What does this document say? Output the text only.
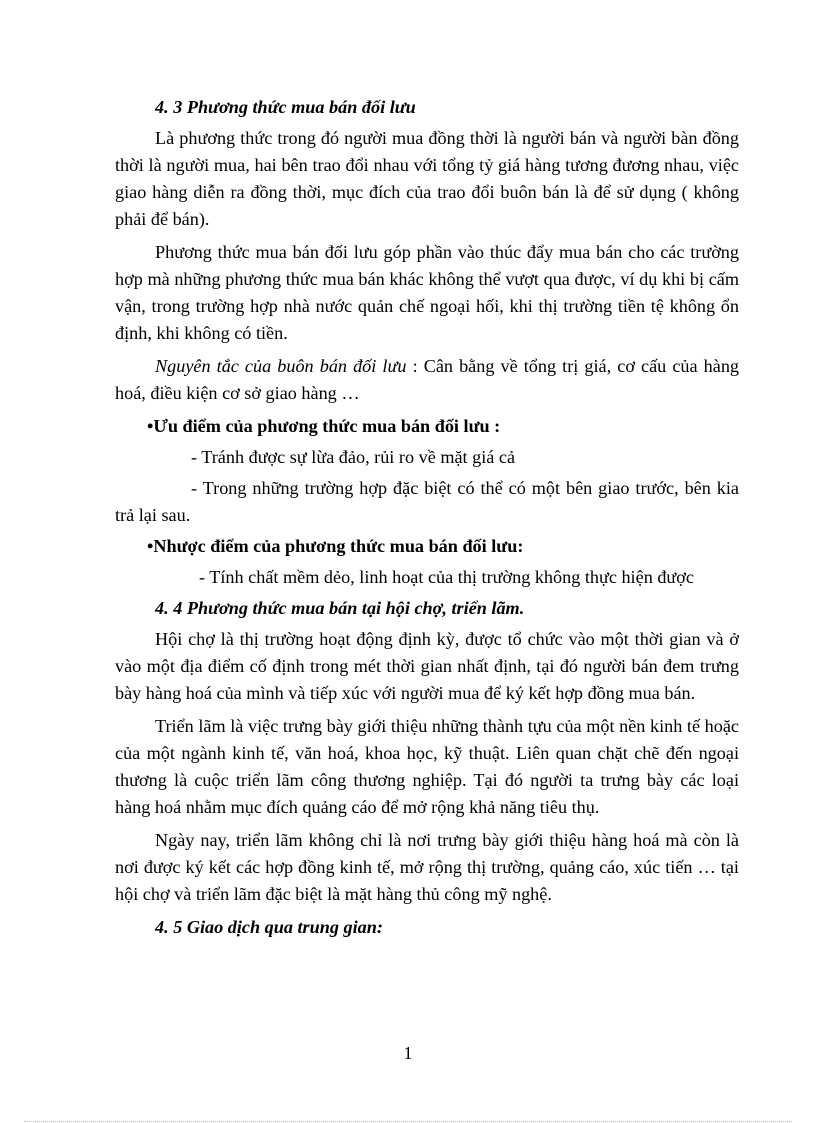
4. 3 Phương thức mua bán đối lưu

Là phương thức trong đó người mua đồng thời là người bán và người bàn đồng thời là người mua, hai bên trao đổi nhau với tổng tỷ giá hàng tương đương nhau, việc giao hàng diễn ra đồng thời, mục đích của trao đổi buôn bán là để sử dụng ( không phải để bán).

Phương thức mua bán đối lưu góp phần vào thúc đẩy mua bán cho các trường hợp mà những phương thức mua bán khác không thể vượt qua được, ví dụ khi bị cấm vận, trong trường hợp nhà nước quản chế ngoại hối, khi thị trường tiền tệ không ổn định, khi không có tiền.

Nguyên tắc của buôn bán đối lưu : Cân bằng về tổng trị giá, cơ cấu của hàng hoá, điều kiện cơ sở giao hàng …

•Ưu điểm của phương thức mua bán đối lưu :

- Tránh được sự lừa đảo, rủi ro về mặt giá cả

- Trong những trường hợp đặc biệt có thể có một bên giao trước, bên kia trả lại sau.

•Nhược điểm của phương thức mua bán đối lưu:

- Tính chất mềm dẻo, linh hoạt của thị trường không thực hiện được

4. 4 Phương thức mua bán tại hội chợ, triển lãm.

Hội chợ là thị trường hoạt động định kỳ, được tổ chức vào một thời gian và ở vào một địa điểm cố định trong mét thời gian nhất định, tại đó người bán đem trưng bày hàng hoá của mình và tiếp xúc với người mua để ký kết hợp đồng mua bán.

Triển lãm là việc trưng bày giới thiệu những thành tựu của một nền kinh tế hoặc của một ngành kinh tế, văn hoá, khoa học, kỹ thuật. Liên quan chặt chẽ đến ngoại thương là cuộc triển lãm công thương nghiệp. Tại đó người ta trưng bày các loại hàng hoá nhằm mục đích quảng cáo để mở rộng khả năng tiêu thụ.

Ngày nay, triển lãm không chỉ là nơi trưng bày giới thiệu hàng hoá mà còn là nơi được ký kết các hợp đồng kinh tế, mở rộng thị trường, quảng cáo, xúc tiến … tại hội chợ và triển lãm đặc biệt là mặt hàng thủ công mỹ nghệ.

4. 5 Giao dịch qua trung gian:

1
